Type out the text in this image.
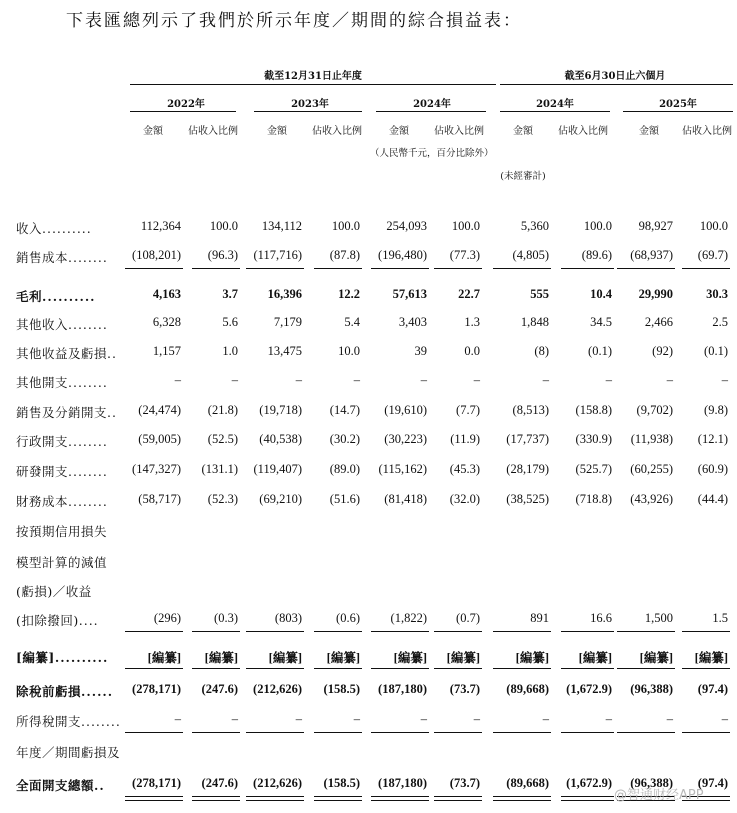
下表匯總列示了我們於所示年度／期間的綜合損益表：
截至12月31日止年度	截至6月30日止六個月
2022年	2023年	2024年	2024年	2025年
金額	佔收入比例	金額	佔收入比例	金額	佔收入比例	金額	佔收入比例	金額	佔收入比例
（人民幣千元，百分比除外）
(未經審計)
收入..........	112,364	100.0	134,112	100.0	254,093	100.0	5,360	100.0	98,927	100.0
銷售成本........	(108,201)	(96.3)	(117,716)	(87.8)	(196,480)	(77.3)	(4,805)	(89.6)	(68,937)	(69.7)
毛利..........	4,163	3.7	16,396	12.2	57,613	22.7	555	10.4	29,990	30.3
其他收入........	6,328	5.6	7,179	5.4	3,403	1.3	1,848	34.5	2,466	2.5
其他收益及虧損..	1,157	1.0	13,475	10.0	39	0.0	(8)	(0.1)	(92)	(0.1)
其他開支........	–	–	–	–	–	–	–	–	–	–
銷售及分銷開支..	(24,474)	(21.8)	(19,718)	(14.7)	(19,610)	(7.7)	(8,513)	(158.8)	(9,702)	(9.8)
行政開支........	(59,005)	(52.5)	(40,538)	(30.2)	(30,223)	(11.9)	(17,737)	(330.9)	(11,938)	(12.1)
研發開支........	(147,327)	(131.1)	(119,407)	(89.0)	(115,162)	(45.3)	(28,179)	(525.7)	(60,255)	(60.9)
財務成本........	(58,717)	(52.3)	(69,210)	(51.6)	(81,418)	(32.0)	(38,525)	(718.8)	(43,926)	(44.4)
按預期信用損失
模型計算的減值
(虧損)／收益
(扣除撥回)....	(296)	(0.3)	(803)	(0.6)	(1,822)	(0.7)	891	16.6	1,500	1.5
[編纂]..........	[編纂]	[編纂]	[編纂]	[編纂]	[編纂]	[編纂]	[編纂]	[編纂]	[編纂]	[編纂]
除稅前虧損......	(278,171)	(247.6)	(212,626)	(158.5)	(187,180)	(73.7)	(89,668)	(1,672.9)	(96,388)	(97.4)
所得稅開支........	–	–	–	–	–	–	–	–	–	–
年度／期間虧損及
全面開支總額..	(278,171)	(247.6)	(212,626)	(158.5)	(187,180)	(73.7)	(89,668)	(1,672.9)	(96,388)	(97.4)
@智通财经APP
